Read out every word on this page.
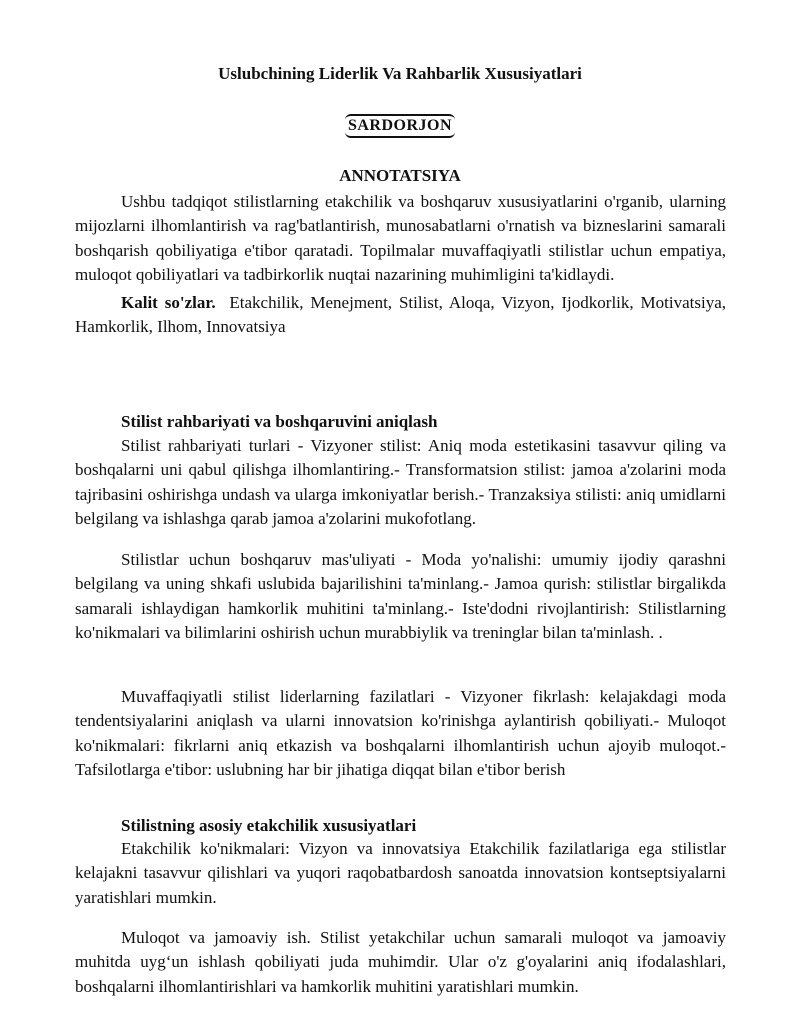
Uslubchining Liderlik Va Rahbarlik Xususiyatlari
SARDORJON
ANNOTATSIYA

Ushbu tadqiqot stilistlarning etakchilik va boshqaruv xususiyatlarini o'rganib, ularning mijozlarni ilhomlantirish va rag'batlantirish, munosabatlarni o'rnatish va bizneslarini samarali boshqarish qobiliyatiga e'tibor qaratadi. Topilmalar muvaffaqiyatli stilistlar uchun empatiya, muloqot qobiliyatlari va tadbirkorlik nuqtai nazarining muhimligini ta'kidlaydi.

Kalit so'zlar. Etakchilik, Menejment, Stilist, Aloqa, Vizyon, Ijodkorlik, Motivatsiya, Hamkorlik, Ilhom, Innovatsiya

Stilist rahbariyati va boshqaruvini aniqlash

Stilist rahbariyati turlari - Vizyoner stilist: Aniq moda estetikasini tasavvur qiling va boshqalarni uni qabul qilishga ilhomlantiring.- Transformatsion stilist: jamoa a'zolarini moda tajribasini oshirishga undash va ularga imkoniyatlar berish.- Tranzaksiya stilisti: aniq umidlarni belgilang va ishlashga qarab jamoa a'zolarini mukofotlang.

Stilistlar uchun boshqaruv mas'uliyati - Moda yo'nalishi: umumiy ijodiy qarashni belgilang va uning shkafi uslubida bajarilishini ta'minlang.- Jamoa qurish: stilistlar birgalikda samarali ishlaydigan hamkorlik muhitini ta'minlang.- Iste'dodni rivojlantirish: Stilistlarning ko'nikmalari va bilimlarini oshirish uchun murabbiylik va treninglar bilan ta'minlash. .

Muvaffaqiyatli stilist liderlarning fazilatlari - Vizyoner fikrlash: kelajakdagi moda tendentsiyalarini aniqlash va ularni innovatsion ko'rinishga aylantirish qobiliyati.- Muloqot ko'nikmalari: fikrlarni aniq etkazish va boshqalarni ilhomlantirish uchun ajoyib muloqot.- Tafsilotlarga e'tibor: uslubning har bir jihatiga diqqat bilan e'tibor berish

Stilistning asosiy etakchilik xususiyatlari

Etakchilik ko'nikmalari: Vizyon va innovatsiya Etakchilik fazilatlariga ega stilistlar kelajakni tasavvur qilishlari va yuqori raqobatbardosh sanoatda innovatsion kontseptsiyalarni yaratishlari mumkin.

Muloqot va jamoaviy ish. Stilist yetakchilar uchun samarali muloqot va jamoaviy muhitda uyg‘un ishlash qobiliyati juda muhimdir. Ular o'z g'oyalarini aniq ifodalashlari, boshqalarni ilhomlantirishlari va hamkorlik muhitini yaratishlari mumkin.
